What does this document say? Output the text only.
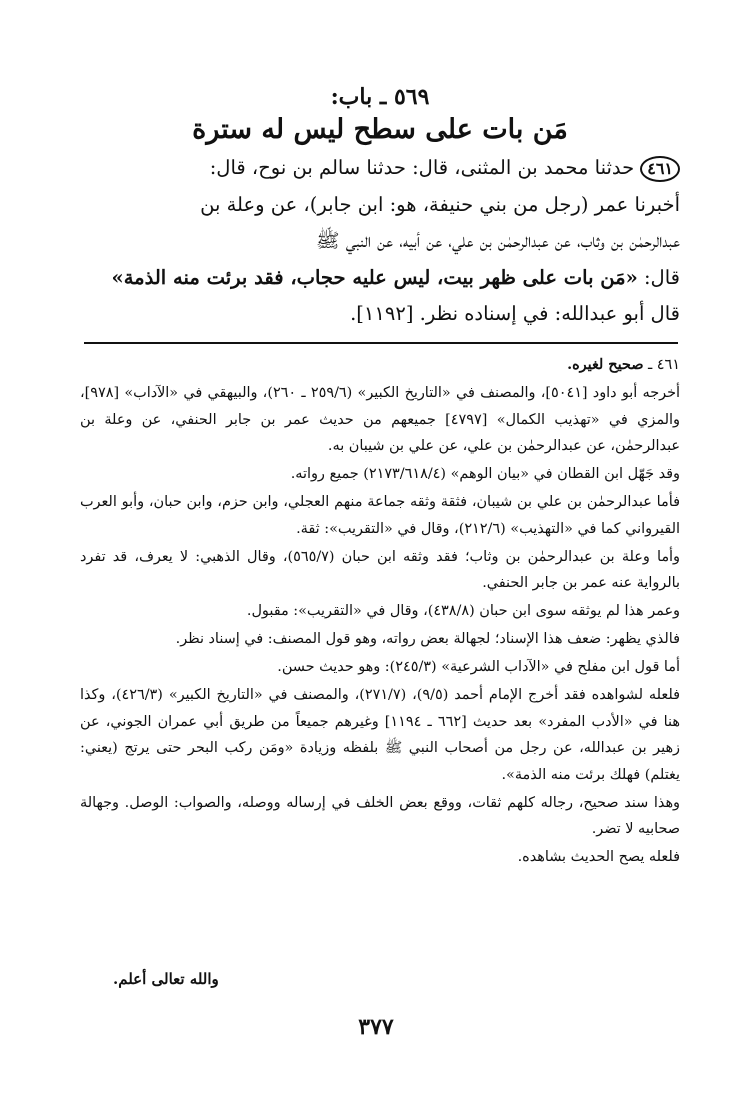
٥٦٩ ـ باب:
مَن بات على سطح ليس له سترة

٤٦١حدثنا محمد بن المثنى، قال: حدثنا سالم بن نوح، قال:

أخبرنا عمر (رجل من بني حنيفة، هو: ابن جابر)، عن وعلة بن

عبدالرحمٰن بن وثاب، عن عبدالرحمٰن بن علي، عن أبيه، عن النبي ﷺ

قال: «مَن بات على ظهر بيت، ليس عليه حجاب، فقد برئت منه الذمة»

قال أبو عبدالله: في إسناده نظر. [١١٩٢].

٤٦١ ـ صحيح لغيره.

أخرجه أبو داود [٥٠٤١]، والمصنف في «التاريخ الكبير» (٢٥٩/٦ ـ ٢٦٠)، والبيهقي في «الآداب» [٩٧٨]، والمزي في «تهذيب الكمال» [٤٧٩٧] جميعهم من حديث عمر بن جابر الحنفي، عن وعلة بن عبدالرحمٰن، عن عبدالرحمٰن بن علي، عن علي بن شيبان به.

وقد جَهّل ابن القطان في «بيان الوهم» (٢١٧٣/٦١٨/٤) جميع رواته.

فأما عبدالرحمٰن بن علي بن شيبان، فثقة وثقه جماعة منهم العجلي، وابن حزم، وابن حبان، وأبو العرب القيرواني كما في «التهذيب» (٢١٢/٦)، وقال في «التقريب»: ثقة.

وأما وعلة بن عبدالرحمٰن بن وثاب؛ فقد وثقه ابن حبان (٥٦٥/٧)، وقال الذهبي: لا يعرف، قد تفرد بالرواية عنه عمر بن جابر الحنفي.

وعمر هذا لم يوثقه سوى ابن حبان (٤٣٨/٨)، وقال في «التقريب»: مقبول.

فالذي يظهر: ضعف هذا الإسناد؛ لجهالة بعض رواته، وهو قول المصنف: في إسناد نظر.

أما قول ابن مفلح في «الآداب الشرعية» (٢٤٥/٣): وهو حديث حسن.

فلعله لشواهده فقد أخرج الإمام أحمد (٩/٥)، (٢٧١/٧)، والمصنف في «التاريخ الكبير» (٤٢٦/٣)، وكذا هنا في «الأدب المفرد» بعد حديث [٦٦٢ ـ ١١٩٤] وغيرهم جميعاً من طريق أبي عمران الجوني، عن زهير بن عبدالله، عن رجل من أصحاب النبي ﷺ بلفظه وزيادة «ومَن ركب البحر حتى يرتج (يعني: يغتلم) فهلك برئت منه الذمة».

وهذا سند صحيح، رجاله كلهم ثقات، ووقع بعض الخلف في إرساله ووصله، والصواب: الوصل. وجهالة صحابيه لا تضر.

فلعله يصح الحديث بشاهده.

والله تعالى أعلم.
٣٧٧
